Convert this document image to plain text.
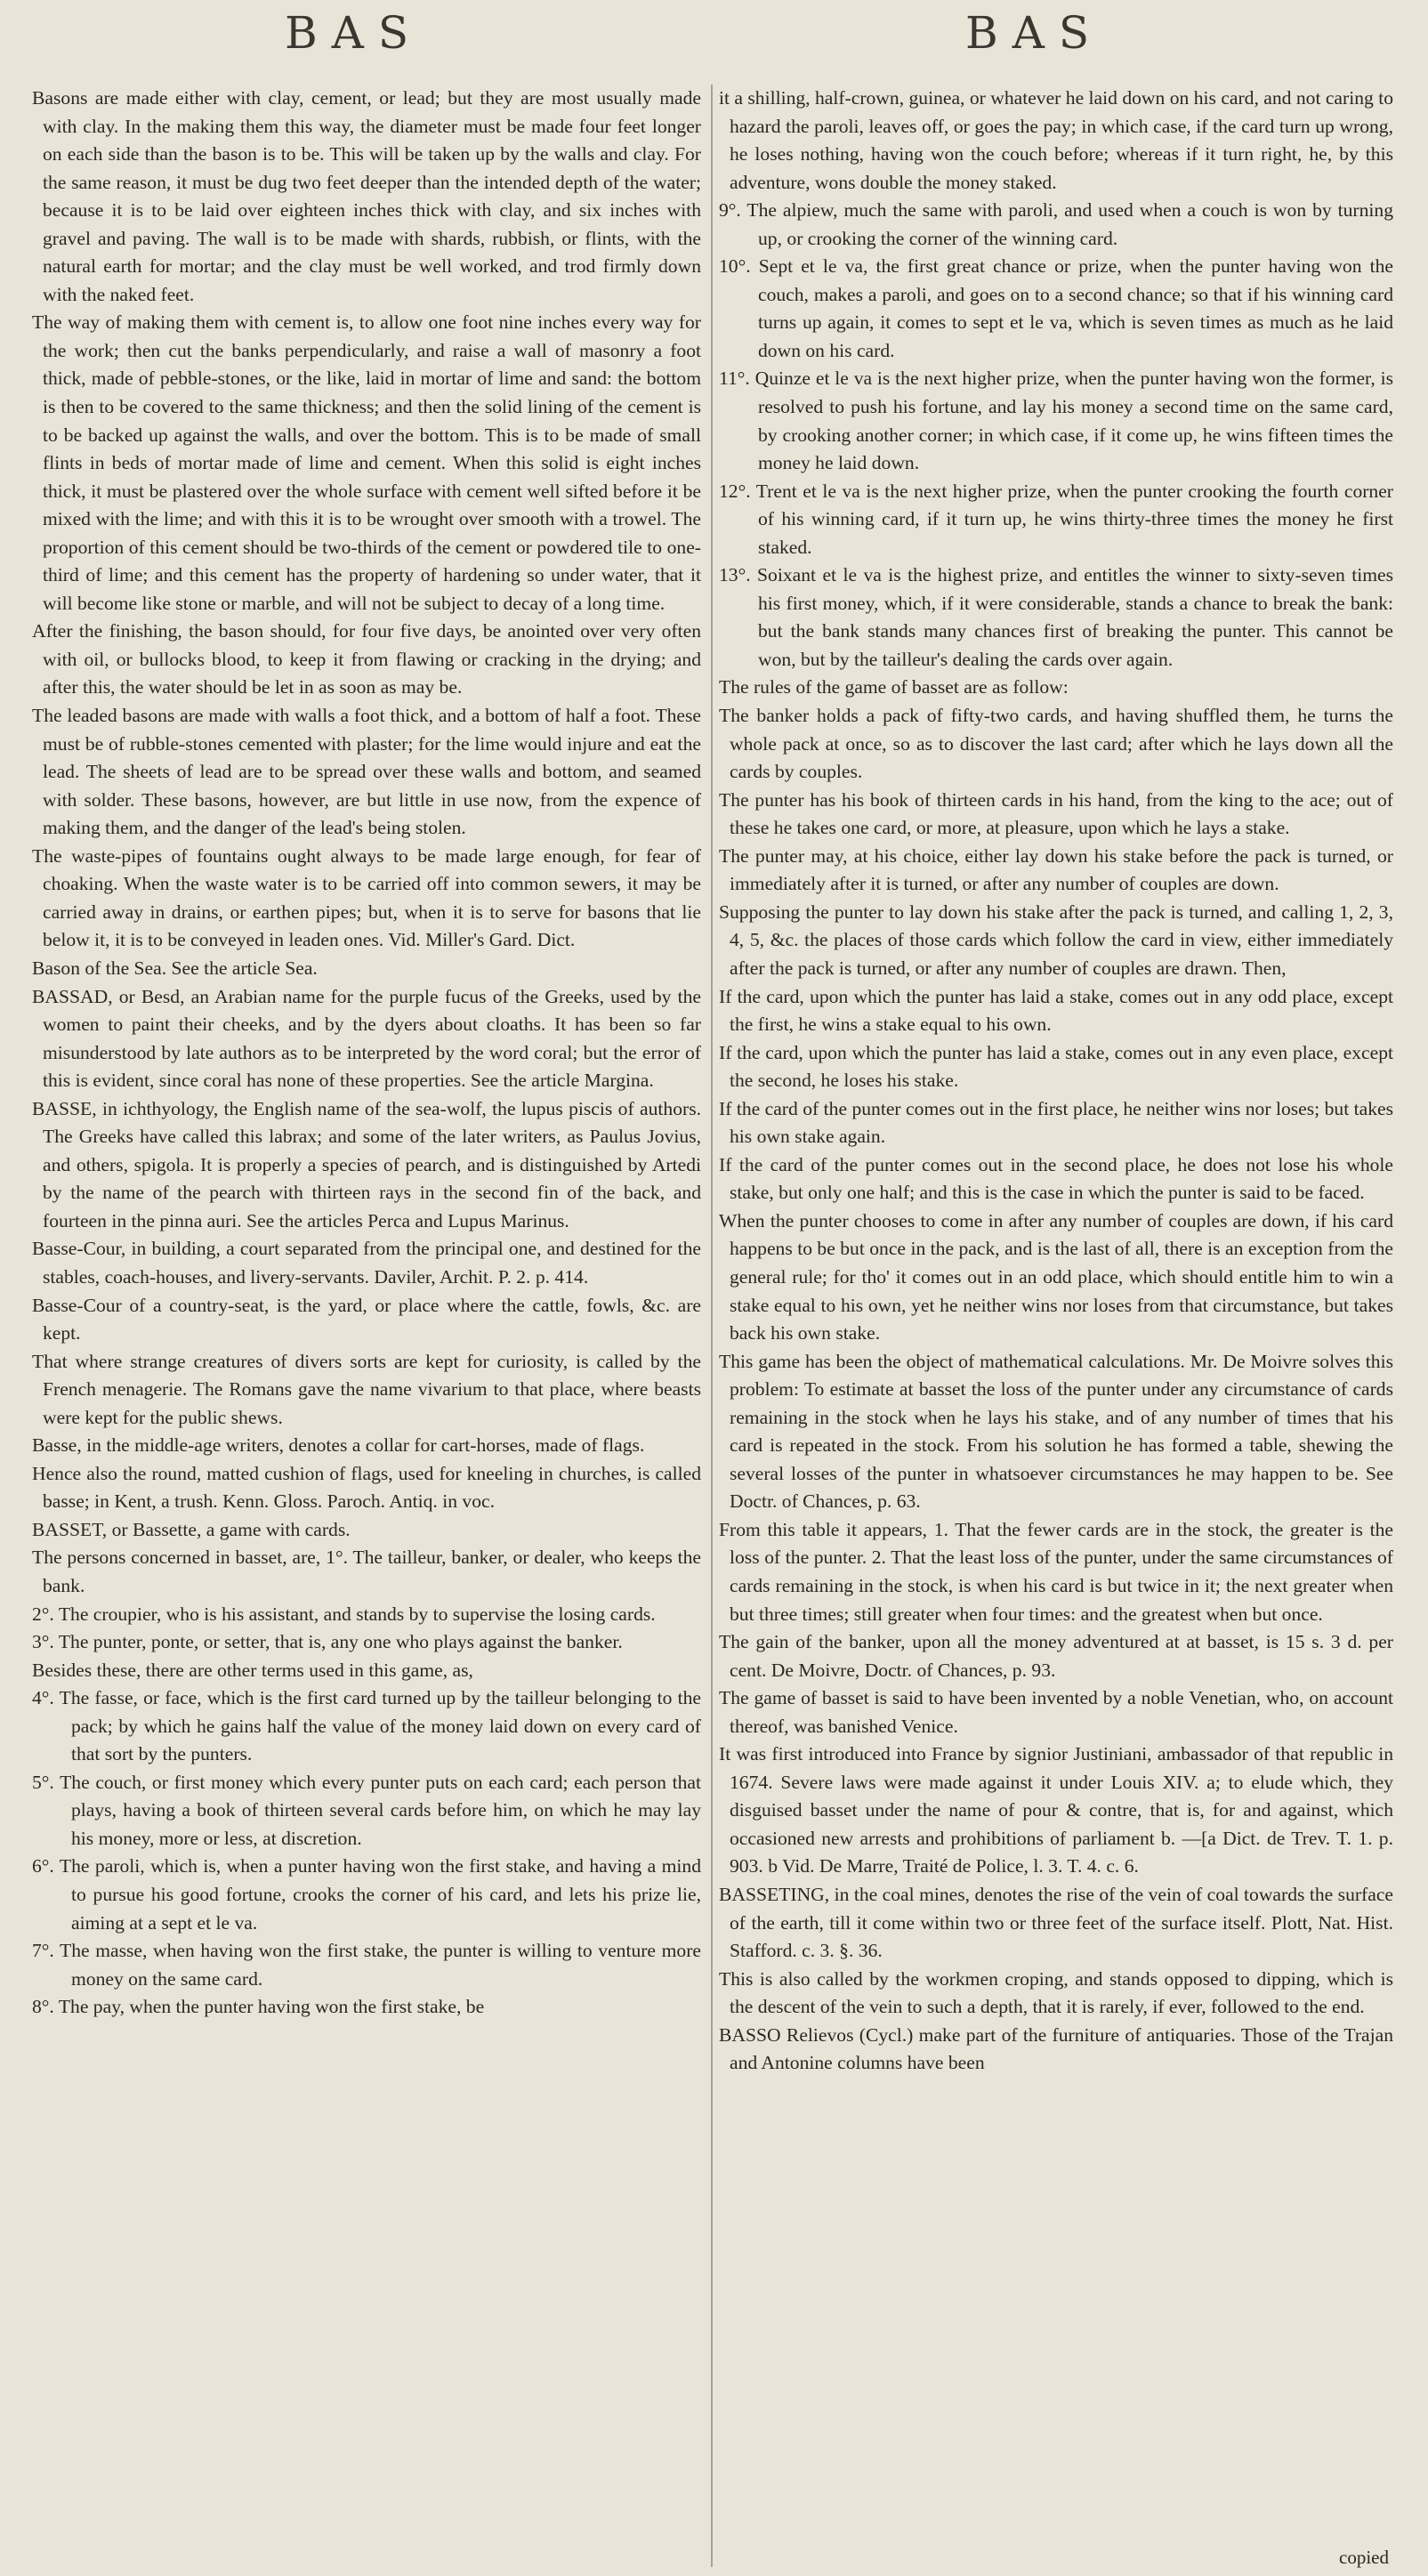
BAS	BAS

Basons are made either with clay, cement, or lead; but they are most usually made with clay. In the making them this way, the diameter must be made four feet longer on each side than the bason is to be. This will be taken up by the walls and clay. For the same reason, it must be dug two feet deeper than the intended depth of the water; because it is to be laid over eighteen inches thick with clay, and six inches with gravel and paving. The wall is to be made with shards, rubbish, or flints, with the natural earth for mortar; and the clay must be well worked, and trod firmly down with the naked feet.

The way of making them with cement is, to allow one foot nine inches every way for the work; then cut the banks perpendicularly, and raise a wall of masonry a foot thick, made of pebble-stones, or the like, laid in mortar of lime and sand: the bottom is then to be covered to the same thickness; and then the solid lining of the cement is to be backed up against the walls, and over the bottom. This is to be made of small flints in beds of mortar made of lime and cement. When this solid is eight inches thick, it must be plastered over the whole surface with cement well sifted before it be mixed with the lime; and with this it is to be wrought over smooth with a trowel. The proportion of this cement should be two-thirds of the cement or powdered tile to one-third of lime; and this cement has the property of hardening so under water, that it will become like stone or marble, and will not be subject to decay of a long time.

After the finishing, the bason should, for four five days, be anointed over very often with oil, or bullocks blood, to keep it from flawing or cracking in the drying; and after this, the water should be let in as soon as may be.

The leaded basons are made with walls a foot thick, and a bottom of half a foot. These must be of rubble-stones cemented with plaster; for the lime would injure and eat the lead. The sheets of lead are to be spread over these walls and bottom, and seamed with solder. These basons, however, are but little in use now, from the expence of making them, and the danger of the lead's being stolen.

The waste-pipes of fountains ought always to be made large enough, for fear of choaking. When the waste water is to be carried off into common sewers, it may be carried away in drains, or earthen pipes; but, when it is to serve for basons that lie below it, it is to be conveyed in leaden ones. Vid. Miller's Gard. Dict.

Bason of the Sea. See the article Sea.

BASSAD, or Besd, an Arabian name for the purple fucus of the Greeks, used by the women to paint their cheeks, and by the dyers about cloaths. It has been so far misunderstood by late authors as to be interpreted by the word coral; but the error of this is evident, since coral has none of these properties. See the article Margina.

BASSE, in ichthyology, the English name of the sea-wolf, the lupus piscis of authors. The Greeks have called this labrax; and some of the later writers, as Paulus Jovius, and others, spigola. It is properly a species of pearch, and is distinguished by Artedi by the name of the pearch with thirteen rays in the second fin of the back, and fourteen in the pinna auri. See the articles Perca and Lupus Marinus.

Basse-Cour, in building, a court separated from the principal one, and destined for the stables, coach-houses, and livery-servants. Daviler, Archit. P. 2. p. 414.

Basse-Cour of a country-seat, is the yard, or place where the cattle, fowls, &c. are kept.

That where strange creatures of divers sorts are kept for curiosity, is called by the French menagerie. The Romans gave the name vivarium to that place, where beasts were kept for the public shews.

Basse, in the middle-age writers, denotes a collar for cart-horses, made of flags.

Hence also the round, matted cushion of flags, used for kneeling in churches, is called basse; in Kent, a trush. Kenn. Gloss. Paroch. Antiq. in voc.

BASSET, or Bassette, a game with cards.

The persons concerned in basset, are, 1°. The tailleur, banker, or dealer, who keeps the bank.

2°. The croupier, who is his assistant, and stands by to supervise the losing cards.

3°. The punter, ponte, or setter, that is, any one who plays against the banker.

Besides these, there are other terms used in this game, as,

4°. The fasse, or face, which is the first card turned up by the tailleur belonging to the pack; by which he gains half the value of the money laid down on every card of that sort by the punters.

5°. The couch, or first money which every punter puts on each card; each person that plays, having a book of thirteen several cards before him, on which he may lay his money, more or less, at discretion.

6°. The paroli, which is, when a punter having won the first stake, and having a mind to pursue his good fortune, crooks the corner of his card, and lets his prize lie, aiming at a sept et le va.

7°. The masse, when having won the first stake, the punter is willing to venture more money on the same card.

8°. The pay, when the punter having won the first stake, be

it a shilling, half-crown, guinea, or whatever he laid down on his card, and not caring to hazard the paroli, leaves off, or goes the pay; in which case, if the card turn up wrong, he loses nothing, having won the couch before; whereas if it turn right, he, by this adventure, wons double the money staked.

9°. The alpiew, much the same with paroli, and used when a couch is won by turning up, or crooking the corner of the winning card.

10°. Sept et le va, the first great chance or prize, when the punter having won the couch, makes a paroli, and goes on to a second chance; so that if his winning card turns up again, it comes to sept et le va, which is seven times as much as he laid down on his card.

11°. Quinze et le va is the next higher prize, when the punter having won the former, is resolved to push his fortune, and lay his money a second time on the same card, by crooking another corner; in which case, if it come up, he wins fifteen times the money he laid down.

12°. Trent et le va is the next higher prize, when the punter crooking the fourth corner of his winning card, if it turn up, he wins thirty-three times the money he first staked.

13°. Soixant et le va is the highest prize, and entitles the winner to sixty-seven times his first money, which, if it were considerable, stands a chance to break the bank: but the bank stands many chances first of breaking the punter. This cannot be won, but by the tailleur's dealing the cards over again.

The rules of the game of basset are as follow:

The banker holds a pack of fifty-two cards, and having shuffled them, he turns the whole pack at once, so as to discover the last card; after which he lays down all the cards by couples.

The punter has his book of thirteen cards in his hand, from the king to the ace; out of these he takes one card, or more, at pleasure, upon which he lays a stake.

The punter may, at his choice, either lay down his stake before the pack is turned, or immediately after it is turned, or after any number of couples are down.

Supposing the punter to lay down his stake after the pack is turned, and calling 1, 2, 3, 4, 5, &c. the places of those cards which follow the card in view, either immediately after the pack is turned, or after any number of couples are drawn. Then,

If the card, upon which the punter has laid a stake, comes out in any odd place, except the first, he wins a stake equal to his own.

If the card, upon which the punter has laid a stake, comes out in any even place, except the second, he loses his stake.

If the card of the punter comes out in the first place, he neither wins nor loses; but takes his own stake again.

If the card of the punter comes out in the second place, he does not lose his whole stake, but only one half; and this is the case in which the punter is said to be faced.

When the punter chooses to come in after any number of couples are down, if his card happens to be but once in the pack, and is the last of all, there is an exception from the general rule; for tho' it comes out in an odd place, which should entitle him to win a stake equal to his own, yet he neither wins nor loses from that circumstance, but takes back his own stake.

This game has been the object of mathematical calculations. Mr. De Moivre solves this problem: To estimate at basset the loss of the punter under any circumstance of cards remaining in the stock when he lays his stake, and of any number of times that his card is repeated in the stock. From his solution he has formed a table, shewing the several losses of the punter in whatsoever circumstances he may happen to be. See Doctr. of Chances, p. 63.

From this table it appears, 1. That the fewer cards are in the stock, the greater is the loss of the punter. 2. That the least loss of the punter, under the same circumstances of cards remaining in the stock, is when his card is but twice in it; the next greater when but three times; still greater when four times: and the greatest when but once.

The gain of the banker, upon all the money adventured at at basset, is 15 s. 3 d. per cent. De Moivre, Doctr. of Chances, p. 93.

The game of basset is said to have been invented by a noble Venetian, who, on account thereof, was banished Venice.

It was first introduced into France by signior Justiniani, ambassador of that republic in 1674. Severe laws were made against it under Louis XIV. a; to elude which, they disguised basset under the name of pour & contre, that is, for and against, which occasioned new arrests and prohibitions of parliament b. —[a Dict. de Trev. T. 1. p. 903. b Vid. De Marre, Traité de Police, l. 3. T. 4. c. 6.

BASSETING, in the coal mines, denotes the rise of the vein of coal towards the surface of the earth, till it come within two or three feet of the surface itself. Plott, Nat. Hist. Stafford. c. 3. §. 36.

This is also called by the workmen croping, and stands opposed to dipping, which is the descent of the vein to such a depth, that it is rarely, if ever, followed to the end.

BASSO Relievos (Cycl.) make part of the furniture of antiquaries. Those of the Trajan and Antonine columns have been

copied
